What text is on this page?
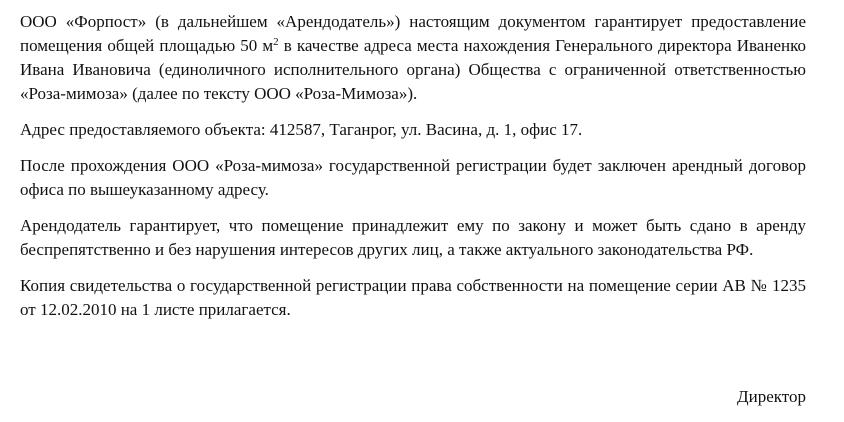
ООО «Форпост» (в дальнейшем «Арендодатель») настоящим документом гарантирует предоставление помещения общей площадью 50 $м^2$ в качестве адреса места нахождения Генерального директора Иваненко Ивана Ивановича (единоличного исполнительного органа) Общества с ограниченной ответственностью «Роза-мимоза» (далее по тексту ООО «Роза-Мимоза»).

Адрес предоставляемого объекта: 412587, Таганрог, ул. Васина, д. 1, офис 17.

После прохождения ООО «Роза-мимоза» государственной регистрации будет заключен арендный договор офиса по вышеуказанному адресу.

Арендодатель гарантирует, что помещение принадлежит ему по закону и может быть сдано в аренду беспрепятственно и без нарушения интересов других лиц, а также актуального законодательства РФ.

Копия свидетельства о государственной регистрации права собственности на помещение серии АВ № 1235 от 12.02.2010 на 1 листе прилагается.

Директор
